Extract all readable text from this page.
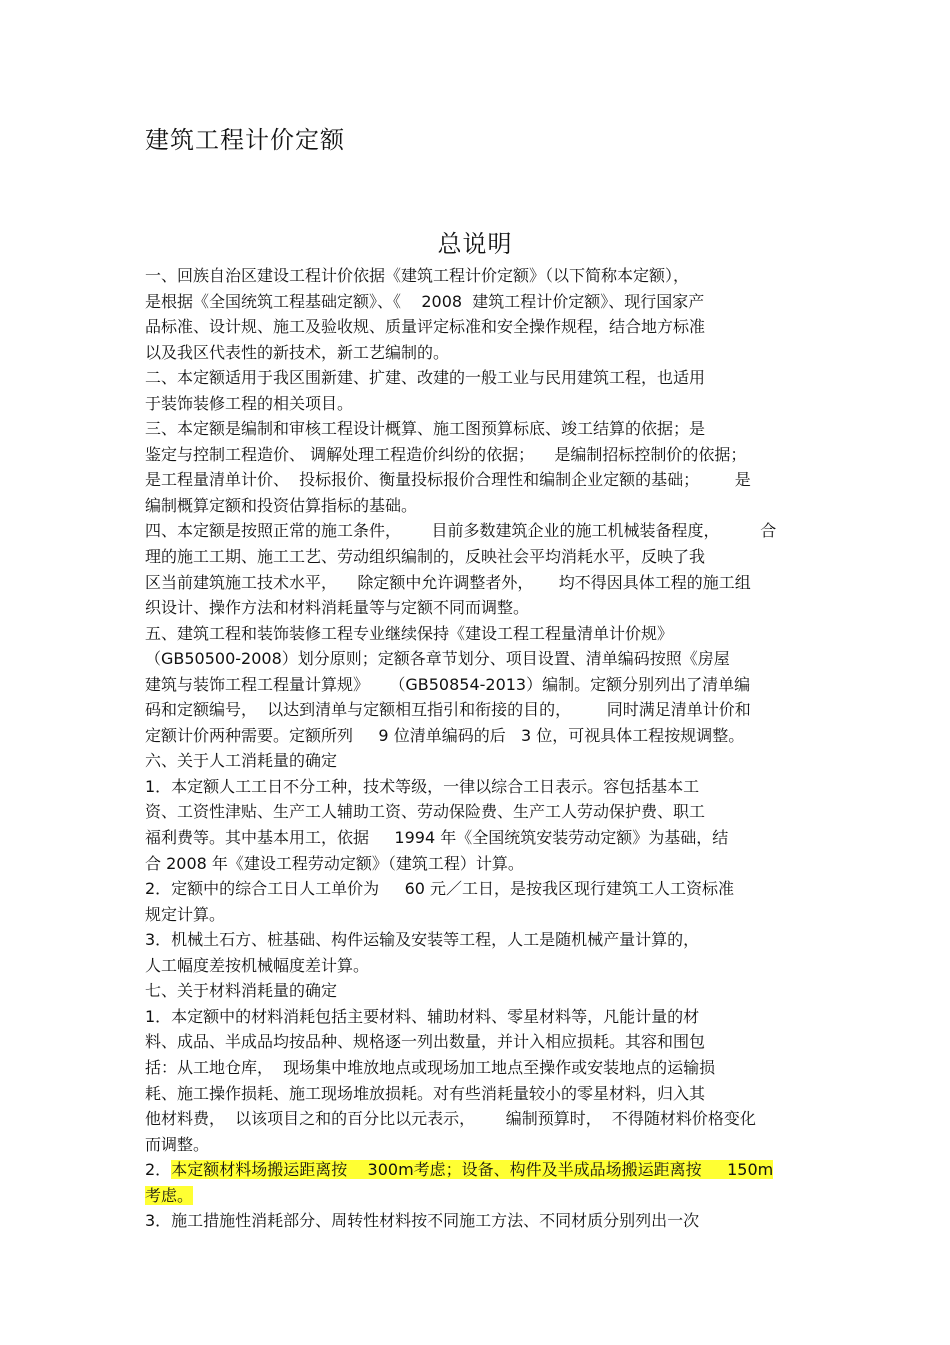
建筑工程计价定额
总说明
一、回族自治区建设工程计价依据《建筑工程计价定额》（以下简称本定额），
是根据《全国统筑工程基础定额》、《    2008  建筑工程计价定额》、现行国家产
品标准、设计规、施工及验收规、质量评定标准和安全操作规程，结合地方标准
以及我区代表性的新技术，新工艺编制的。
二、本定额适用于我区围新建、扩建、改建的一般工业与民用建筑工程，也适用
于装饰装修工程的相关项目。
三、本定额是编制和审核工程设计概算、施工图预算标底、竣工结算的依据；是
鉴定与控制工程造价、 调解处理工程造价纠纷的依据；    是编制招标控制价的依据；
是工程量清单计价、  投标报价、衡量投标报价合理性和编制企业定额的基础；       是
编制概算定额和投资估算指标的基础。
四、本定额是按照正常的施工条件，      目前多数建筑企业的施工机械装备程度，        合
理的施工工期、施工工艺、劳动组织编制的，反映社会平均消耗水平，反映了我
区当前建筑施工技术水平，    除定额中允许调整者外，     均不得因具体工程的施工组
织设计、操作方法和材料消耗量等与定额不同而调整。
五、建筑工程和装饰装修工程专业继续保持《建设工程工程量清单计价规》
（GB50500-2008）划分原则；定额各章节划分、项目设置、清单编码按照《房屋
建筑与装饰工程工程量计算规》    （GB50854-2013）编制。定额分别列出了清单编
码和定额编号，  以达到清单与定额相互指引和衔接的目的，       同时满足清单计价和
定额计价两种需要。定额所列     9 位清单编码的后   3 位，可视具体工程按规调整。
六、关于人工消耗量的确定
1．本定额人工工日不分工种，技术等级，一律以综合工日表示。容包括基本工
资、工资性津贴、生产工人辅助工资、劳动保险费、生产工人劳动保护费、职工
福利费等。其中基本用工，依据     1994 年《全国统筑安装劳动定额》为基础，结
合 2008 年《建设工程劳动定额》（建筑工程）计算。
2．定额中的综合工日人工单价为     60 元／工日，是按我区现行建筑工人工资标准
规定计算。
3．机械土石方、桩基础、构件运输及安装等工程，人工是随机械产量计算的，
人工幅度差按机械幅度差计算。
七、关于材料消耗量的确定
1．本定额中的材料消耗包括主要材料、辅助材料、零星材料等，凡能计量的材
料、成品、半成品均按品种、规格逐一列出数量，并计入相应损耗。其容和围包
括：从工地仓库，  现场集中堆放地点或现场加工地点至操作或安装地点的运输损
耗、施工操作损耗、施工现场堆放损耗。对有些消耗量较小的零星材料，归入其
他材料费，  以该项目之和的百分比以元表示，      编制预算时，  不得随材料价格变化
而调整。
2．本定额材料场搬运距离按    300m考虑；设备、构件及半成品场搬运距离按     150m
考虑。
3．施工措施性消耗部分、周转性材料按不同施工方法、不同材质分别列出一次
